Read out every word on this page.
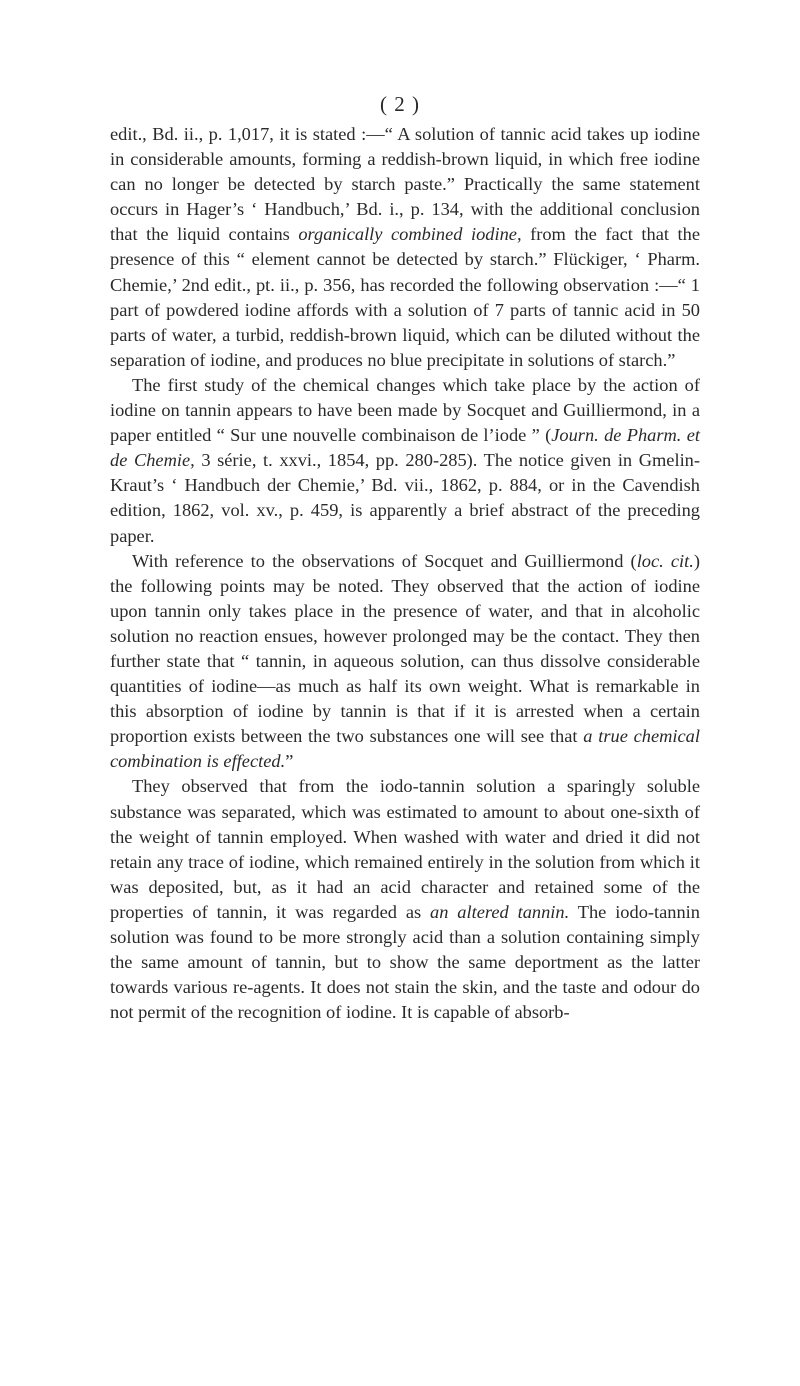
( 2 )

edit., Bd. ii., p. 1,017, it is stated :—“ A solution of tannic acid takes up iodine in considerable amounts, forming a reddish-brown liquid, in which free iodine can no longer be detected by starch paste.” Practically the same statement occurs in Hager’s ‘ Handbuch,’ Bd. i., p. 134, with the additional conclusion that the liquid contains organically combined iodine, from the fact that the presence of this “ element cannot be detected by starch.” Flückiger, ‘ Pharm. Chemie,’ 2nd edit., pt. ii., p. 356, has recorded the following observation :—“ 1 part of powdered iodine affords with a solution of 7 parts of tannic acid in 50 parts of water, a turbid, reddish-brown liquid, which can be diluted without the separation of iodine, and produces no blue precipitate in solutions of starch.”

The first study of the chemical changes which take place by the action of iodine on tannin appears to have been made by Socquet and Guilliermond, in a paper entitled “ Sur une nouvelle combinaison de l’iode ” (Journ. de Pharm. et de Chemie, 3 série, t. xxvi., 1854, pp. 280-285). The notice given in Gmelin-Kraut’s ‘ Handbuch der Chemie,’ Bd. vii., 1862, p. 884, or in the Cavendish edition, 1862, vol. xv., p. 459, is apparently a brief abstract of the preceding paper.

With reference to the observations of Socquet and Guilliermond (loc. cit.) the following points may be noted. They observed that the action of iodine upon tannin only takes place in the presence of water, and that in alcoholic solution no reaction ensues, however prolonged may be the contact. They then further state that “ tannin, in aqueous solution, can thus dissolve considerable quantities of iodine—as much as half its own weight. What is remarkable in this absorption of iodine by tannin is that if it is arrested when a certain proportion exists between the two substances one will see that a true chemical combination is effected.”

They observed that from the iodo-tannin solution a sparingly soluble substance was separated, which was estimated to amount to about one-sixth of the weight of tannin employed. When washed with water and dried it did not retain any trace of iodine, which remained entirely in the solution from which it was deposited, but, as it had an acid character and retained some of the properties of tannin, it was regarded as an altered tannin. The iodo-tannin solution was found to be more strongly acid than a solution containing simply the same amount of tannin, but to show the same deportment as the latter towards various re-agents. It does not stain the skin, and the taste and odour do not permit of the recognition of iodine. It is capable of absorb-
